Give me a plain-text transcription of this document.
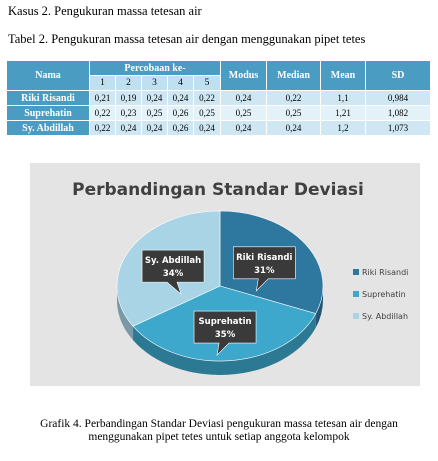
Kasus 2. Pengukuran massa tetesan air
Tabel 2. Pengukuran massa tetesan air dengan menggunakan pipet tetes
Nama	Percobaan ke-					Modus	Median	Mean	SD
	1	2	3	4	5				
Riki Risandi	0,21	0,19	0,24	0,24	0,22	0,24	0,22	1,1	0,984
Suprehatin	0,22	0,23	0,25	0,26	0,25	0,25	0,25	1,21	1,082
Sy. Abdillah	0,22	0,24	0,24	0,26	0,24	0,24	0,24	1,2	1,073
Perbandingan Standar Deviasi
Riki Risandi
31%
Suprehatin
35%
Sy. Abdillah
34%	Riki Risandi
Suprehatin
Sy. Abdillah
Grafik 4. Perbandingan Standar Deviasi pengukuran massa tetesan air dengan
menggunakan pipet tetes untuk setiap anggota kelompok
